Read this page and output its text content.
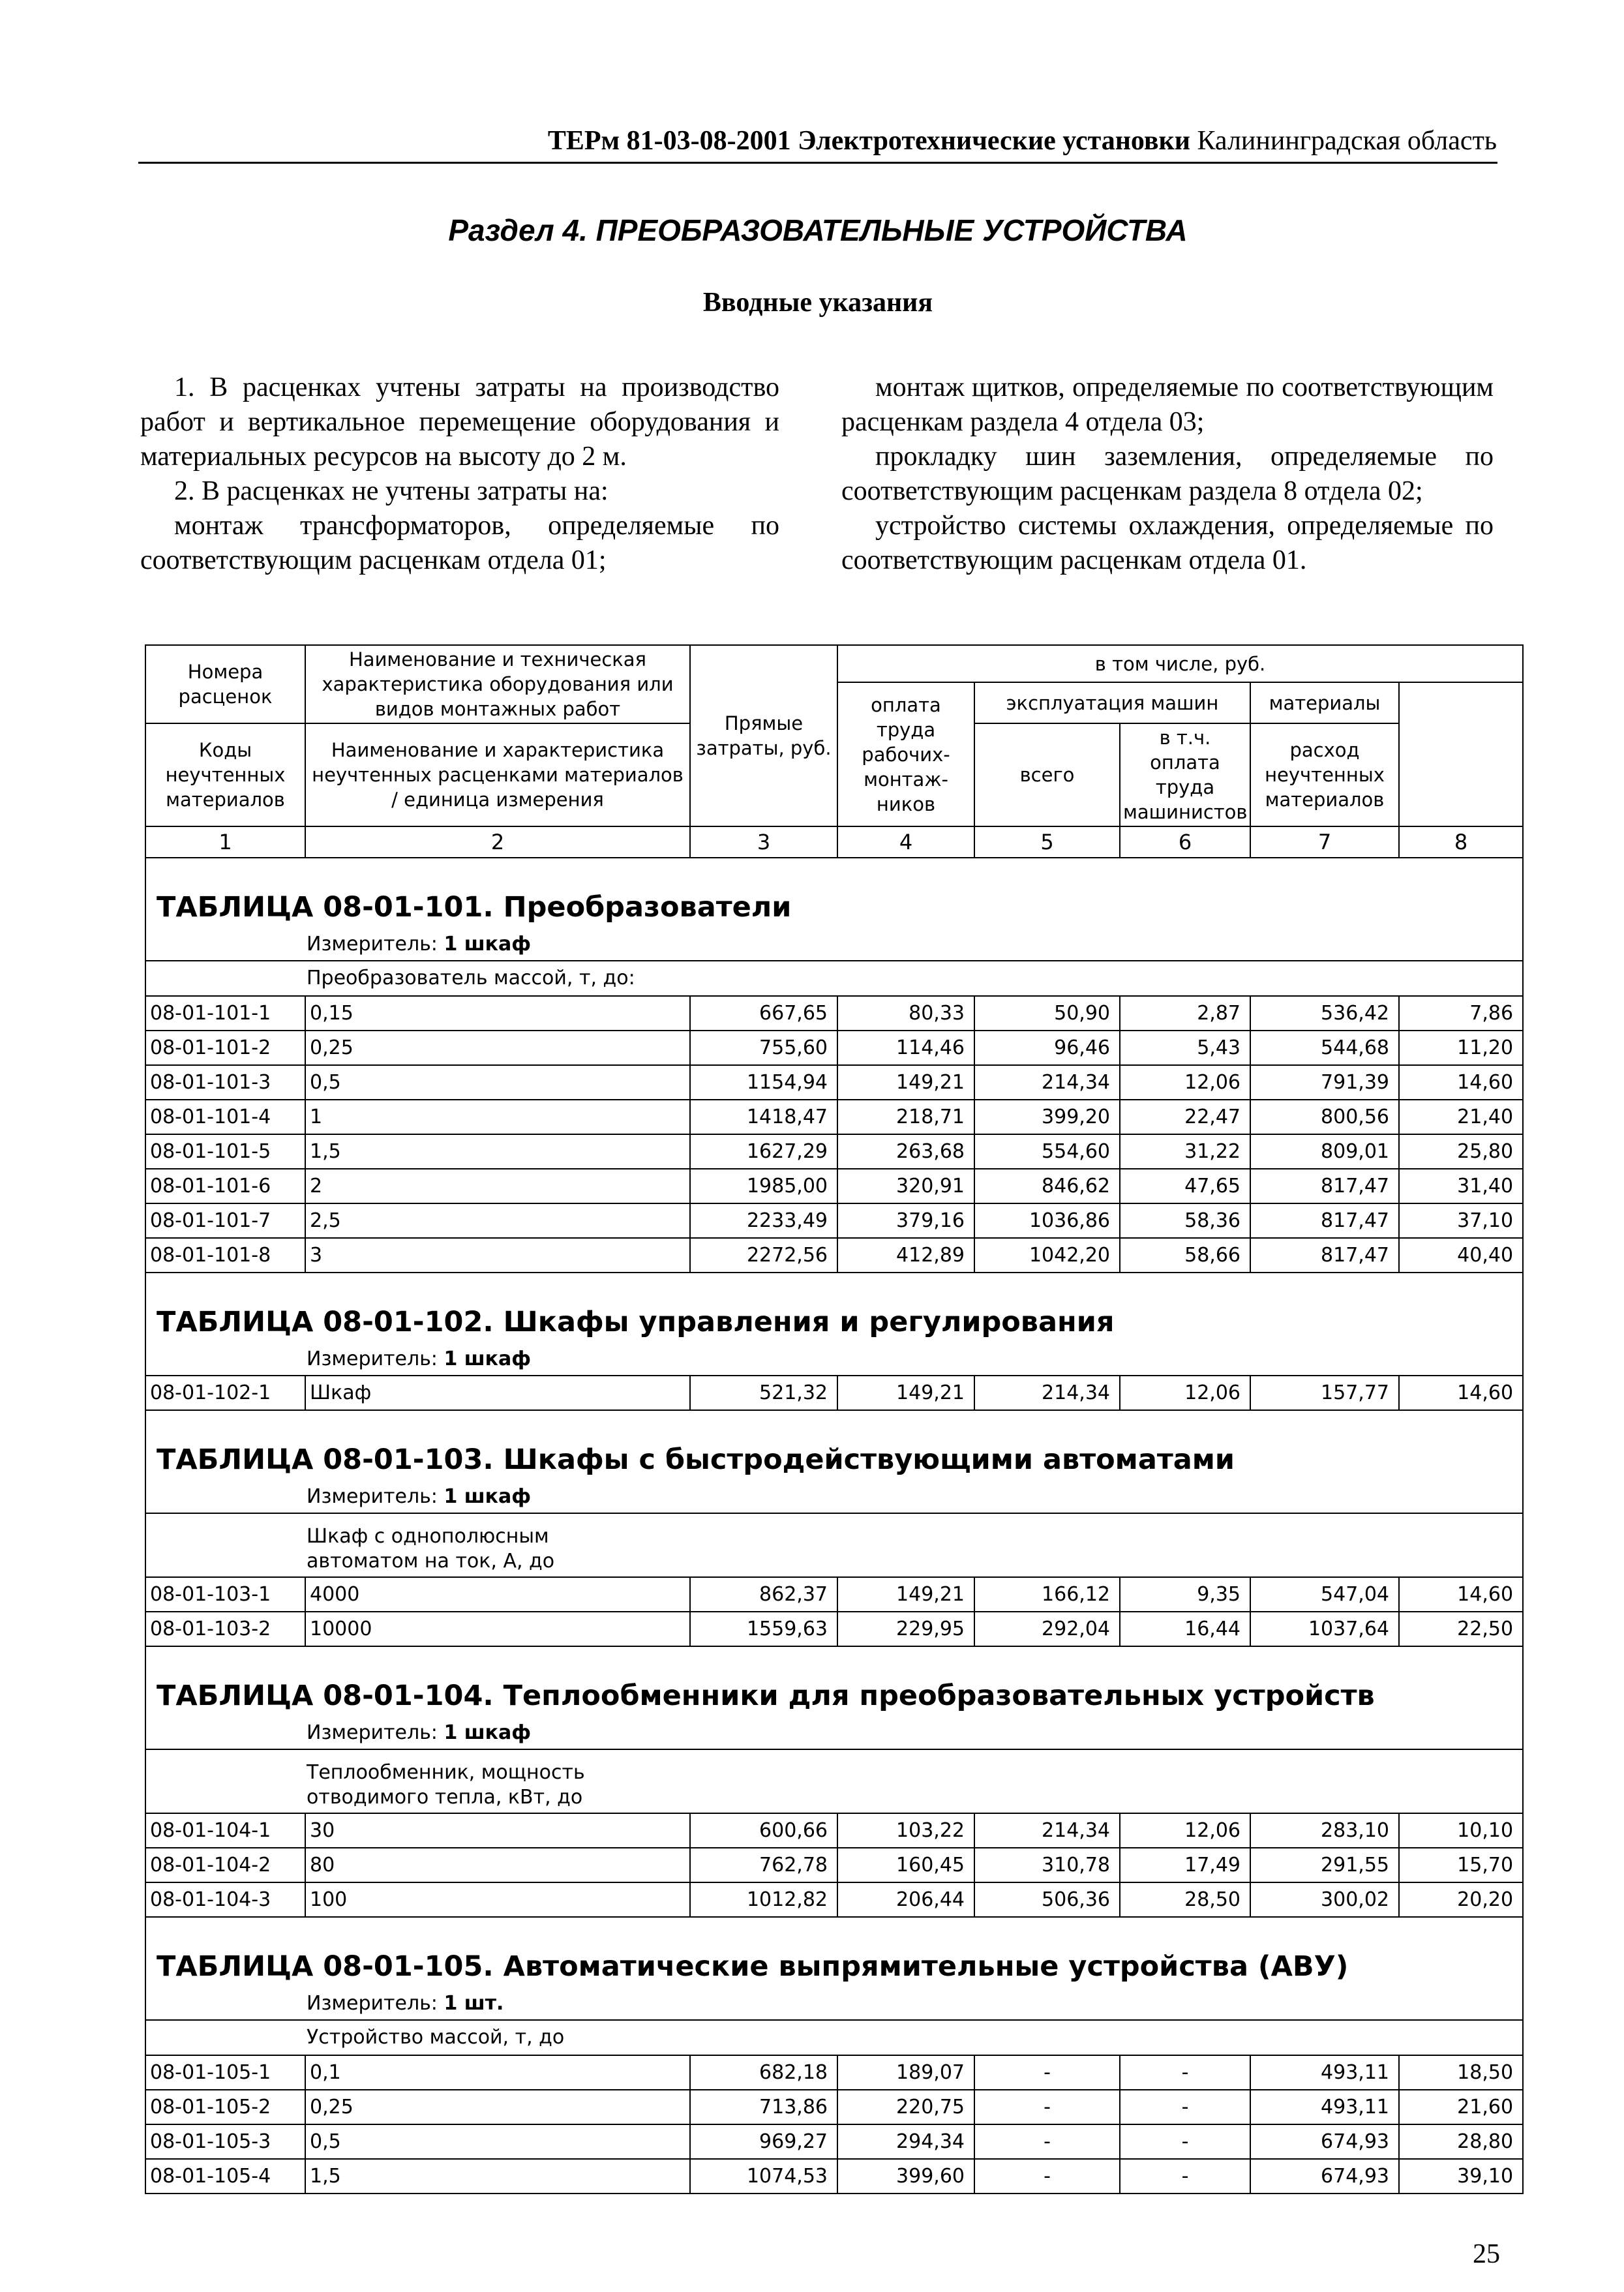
ТЕРм 81-03-08-2001 Электротехнические установки Калининградская область
Раздел 4. ПРЕОБРАЗОВАТЕЛЬНЫЕ УСТРОЙСТВА
Вводные указания

1. В расценках учтены затраты на производство работ и вертикальное перемещение оборудования и материальных ресурсов на высоту до 2 м.

2. В расценках не учтены затраты на:

монтаж трансформаторов, определяемые по соответствующим расценкам отдела 01;

монтаж щитков, определяемые по соответствующим расценкам раздела 4 отдела 03;

прокладку шин заземления, определяемые по соответствующим расценкам раздела 8 отдела 02;

устройство системы охлаждения, определяемые по соответствующим расценкам отдела 01.

Номера расценок	Наименование и техническая характеристика оборудования или видов монтажных работ	Прямые затраты, руб.	в том числе, руб.	
			оплата труда рабочих-монтаж-ников	эксплуатация машин		материалы		
Коды неучтенных материалов	Наименование и характеристика неучтенных расценками материалов / единица измерения			всего	в т.ч. оплата труда машинистов	расход неучтенных материалов		

1	2	3	4	5	6	7	8	
ТАБЛИЦА 08-01-101. Преобразователи								
Измеритель: 1 шкаф								
Преобразователь массой, т, до:								
08-01-101-1	0,15	667,65	80,33	50,90	2,87	536,42	7,86	
08-01-101-2	0,25	755,60	114,46	96,46	5,43	544,68	11,20	
08-01-101-3	0,5	1154,94	149,21	214,34	12,06	791,39	14,60	
08-01-101-4	1	1418,47	218,71	399,20	22,47	800,56	21,40	
08-01-101-5	1,5	1627,29	263,68	554,60	31,22	809,01	25,80	
08-01-101-6	2	1985,00	320,91	846,62	47,65	817,47	31,40	
08-01-101-7	2,5	2233,49	379,16	1036,86	58,36	817,47	37,10	
08-01-101-8	3	2272,56	412,89	1042,20	58,66	817,47	40,40	
ТАБЛИЦА 08-01-102. Шкафы управления и регулирования								
Измеритель: 1 шкаф								
08-01-102-1	Шкаф	521,32	149,21	214,34	12,06	157,77	14,60	
ТАБЛИЦА 08-01-103. Шкафы с быстродействующими автоматами								
Измеритель: 1 шкаф								
Шкаф с однополюсным
автоматом на ток, А, до								
08-01-103-1	4000	862,37	149,21	166,12	9,35	547,04	14,60	
08-01-103-2	10000	1559,63	229,95	292,04	16,44	1037,64	22,50	
ТАБЛИЦА 08-01-104. Теплообменники для преобразовательных устройств								
Измеритель: 1 шкаф								
Теплообменник, мощность
отводимого тепла, кВт, до								
08-01-104-1	30	600,66	103,22	214,34	12,06	283,10	10,10	
08-01-104-2	80	762,78	160,45	310,78	17,49	291,55	15,70	
08-01-104-3	100	1012,82	206,44	506,36	28,50	300,02	20,20	
ТАБЛИЦА 08-01-105. Автоматические выпрямительные устройства (АВУ)								
Измеритель: 1 шт.								
Устройство массой, т, до								
08-01-105-1	0,1	682,18	189,07	-	-	493,11	18,50	
08-01-105-2	0,25	713,86	220,75	-	-	493,11	21,60	
08-01-105-3	0,5	969,27	294,34	-	-	674,93	28,80	
08-01-105-4	1,5	1074,53	399,60	-	-	674,93	39,10	
25
